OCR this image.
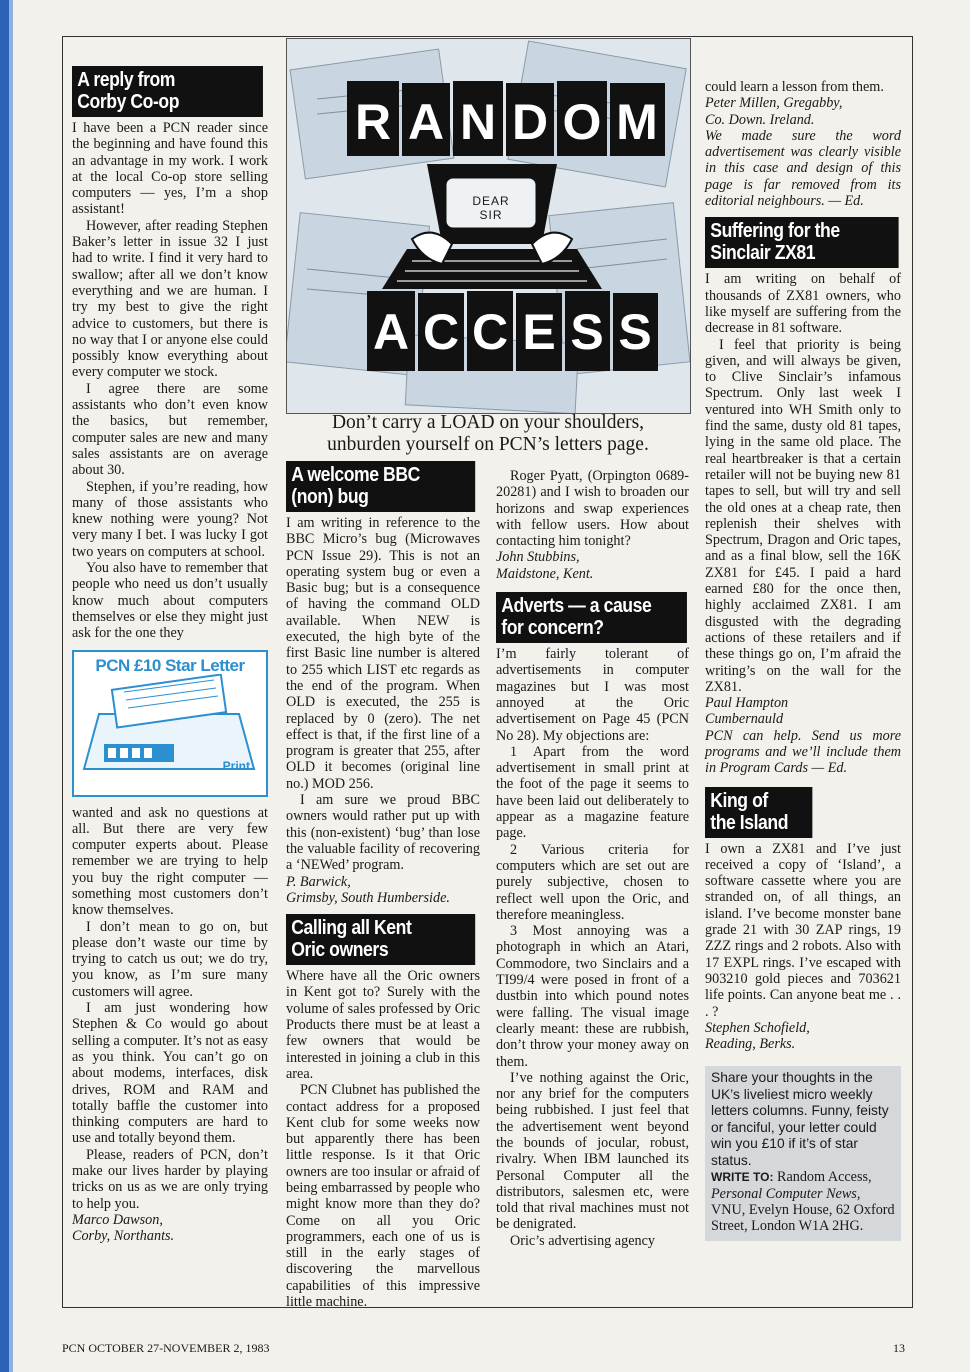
R A N D O M
A C C E S S
DEAR SIR
Don’t carry a LOAD on your shoulders,
unburden yourself on PCN’s letters page.
A reply from
Corby Co-op

I have been a PCN reader since the beginning and have found this an advantage in my work. I work at the local Co-op store selling computers — yes, I’m a shop assistant!

However, after reading Stephen Baker’s letter in issue 32 I just had to write. I find it very hard to swallow; after all we don’t know everything and we are human. I try my best to give the right advice to customers, but there is no way that I or anyone else could possibly know everything about every computer we stock.

I agree there are some assistants who don’t even know the basics, but remember, computer sales are new and many sales assistants are on average about 30.

Stephen, if you’re reading, how many of those assistants who knew nothing were young? Not very many I bet. I was lucky I got two years on computers at school.

You also have to remember that people who need us don’t usually know much about computers themselves or else they might just ask for the one they

PCN £10 Star Letter
Print

wanted and ask no questions at all. But there are very few computer experts about. Please remember we are trying to help you buy the right computer — something most customers don’t know themselves.

I don’t mean to go on, but please don’t waste our time by trying to catch us out; we do try, you know, as I’m sure many customers will agree.

I am just wondering how Stephen & Co would go about selling a computer. It’s not as easy as you think. You can’t go on about modems, interfaces, disk drives, ROM and RAM and totally baffle the customer into thinking computers are hard to use and totally beyond them.

Please, readers of PCN, don’t make our lives harder by playing tricks on us as we are only trying to help you.

Marco Dawson,

Corby, Northants.

A welcome BBC
(non) bug

I am writing in reference to the BBC Micro’s bug (Microwaves PCN Issue 29). This is not an operating system bug or even a Basic bug; but is a consequence of having the command OLD available. When NEW is executed, the high byte of the first Basic line number is altered to 255 which LIST etc regards as the end of the program. When OLD is executed, the 255 is replaced by 0 (zero). The net effect is that, if the first line of a program is greater that 255, after OLD it becomes (original line no.) MOD 256.

I am sure we proud BBC owners would rather put up with this (non-existent) ‘bug’ than lose the valuable facility of recovering a ‘NEWed’ program.

P. Barwick,

Grimsby, South Humberside.

Calling all Kent
Oric owners

Where have all the Oric owners in Kent got to? Surely with the volume of sales professed by Oric Products there must be at least a few owners that would be interested in joining a club in this area.

PCN Clubnet has published the contact address for a proposed Kent club for some weeks now but apparently there has been little response. Is it that Oric owners are too insular or afraid of being embarrassed by people who might know more than they do? Come on all you Oric programmers, each one of us is still in the early stages of discovering the marvellous capabilities of this impressive little machine.

Roger Pyatt, (Orpington 0689-20281) and I wish to broaden our horizons and swap experiences with fellow users. How about contacting him tonight?

John Stubbins,

Maidstone, Kent.

Adverts — a cause
for concern?

I’m fairly tolerant of advertisements in computer magazines but I was most annoyed at the Oric advertisement on Page 45 (PCN No 28). My objections are:

1 Apart from the word advertisement in small print at the foot of the page it seems to have been laid out deliberately to appear as a magazine feature page.

2 Various criteria for computers which are set out are purely subjective, chosen to reflect well upon the Oric, and therefore meaningless.

3 Most annoying was a photograph in which an Atari, Commodore, two Sinclairs and a TI99/4 were posed in front of a dustbin into which pound notes were falling. The visual image clearly meant: these are rubbish, don’t throw your money away on them.

I’ve nothing against the Oric, nor any brief for the computers being rubbished. I just feel that the advertisement went beyond the bounds of jocular, robust, rivalry. When IBM launched its Personal Computer all the distributors, salesmen etc, were told that rival machines must not be denigrated.

Oric’s advertising agency

could learn a lesson from them.

Peter Millen, Gregabby,

Co. Down. Ireland.

We made sure the word advertisement was clearly visible in this case and design of this page is far removed from its editorial neighbours. — Ed.

Suffering for the
Sinclair ZX81

I am writing on behalf of thousands of ZX81 owners, who like myself are suffering from the decrease in 81 software.

I feel that priority is being given, and will always be given, to Clive Sinclair’s infamous Spectrum. Only last week I ventured into WH Smith only to find the same, dusty old 81 tapes, lying in the same old place. The real heartbreaker is that a certain retailer will not be buying new 81 tapes to sell, but will try and sell the old ones at a cheap rate, then replenish their shelves with Spectrum, Dragon and Oric tapes, and as a final blow, sell the 16K ZX81 for £45. I paid a hard earned £80 for the once then, highly acclaimed ZX81. I am disgusted with the degrading actions of these retailers and if these things go on, I’m afraid the writing’s on the wall for the ZX81.

Paul Hampton

Cumbernauld

PCN can help. Send us more programs and we’ll include them in Program Cards — Ed.

King of
the Island

I own a ZX81 and I’ve just received a copy of ‘Island’, a software cassette where you are stranded on, of all things, an island. I’ve become monster bane grade 21 with 30 ZAP rings, 19 ZZZ rings and 2 robots. Also with 17 EXPL rings. I’ve escaped with 903210 gold pieces and 703621 life points. Can anyone beat me . . . ?

Stephen Schofield,

Reading, Berks.

Share your thoughts in the UK’s liveliest micro weekly letters columns. Funny, feisty or fanciful, your letter could win you £10 if it’s of star status.
WRITE TO: Random Access,
Personal Computer News,
VNU, Evelyn House, 62 Oxford Street, London W1A 2HG.
PCN OCTOBER 27-NOVEMBER 2, 1983	13
